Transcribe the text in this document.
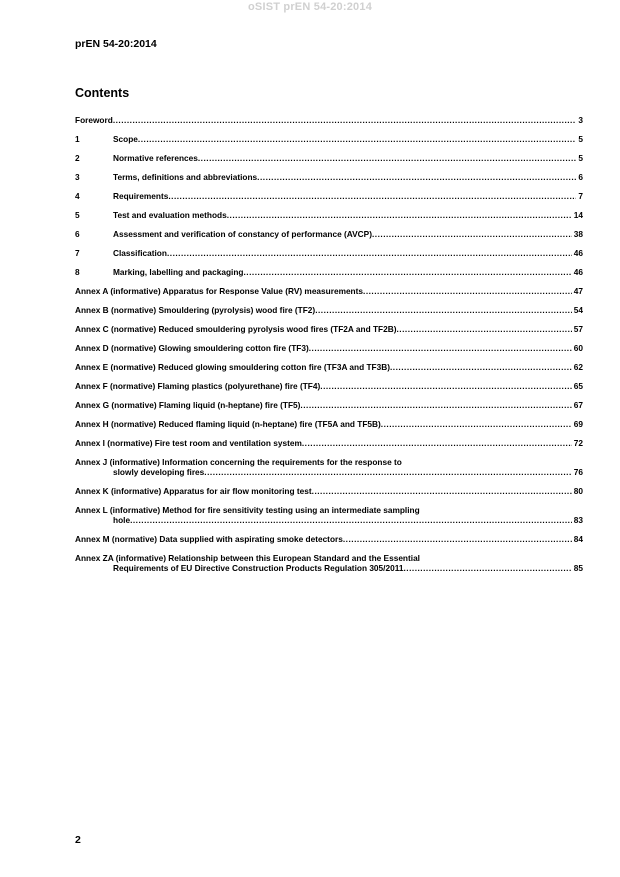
oSIST prEN 54-20:2014
prEN 54-20:2014
Contents
Foreword .....	3
1	Scope .....	5
2	Normative references .....	5
3	Terms, definitions and abbreviations .....	6
4	Requirements .....	7
5	Test and evaluation methods .....	14
6	Assessment and verification of constancy of performance (AVCP) .....	38
7	Classification .....	46
8	Marking, labelling and packaging .....	46
Annex A (informative) Apparatus for Response Value (RV) measurements .....	47
Annex B (normative) Smouldering (pyrolysis) wood fire (TF2) .....	54
Annex C (normative) Reduced smouldering pyrolysis wood fires (TF2A and TF2B) .....	57
Annex D (normative) Glowing smouldering cotton fire (TF3) .....	60
Annex E (normative) Reduced glowing smouldering cotton fire (TF3A and TF3B) .....	62
Annex F (normative) Flaming plastics (polyurethane) fire (TF4) .....	65
Annex G (normative) Flaming liquid (n-heptane) fire (TF5) .....	67
Annex H (normative) Reduced flaming liquid (n-heptane) fire (TF5A and TF5B) .....	69
Annex I (normative) Fire test room and ventilation system .....	72
Annex J (informative) Information concerning the requirements for the response to
slowly developing fires .....	76
Annex K (informative) Apparatus for air flow monitoring test .....	80
Annex L (informative) Method for fire sensitivity testing using an intermediate sampling
hole .....	83
Annex M (normative) Data supplied with aspirating smoke detectors .....	84
Annex ZA (informative) Relationship between this European Standard and the Essential
Requirements of EU Directive Construction Products Regulation 305/2011 .....	85
2
